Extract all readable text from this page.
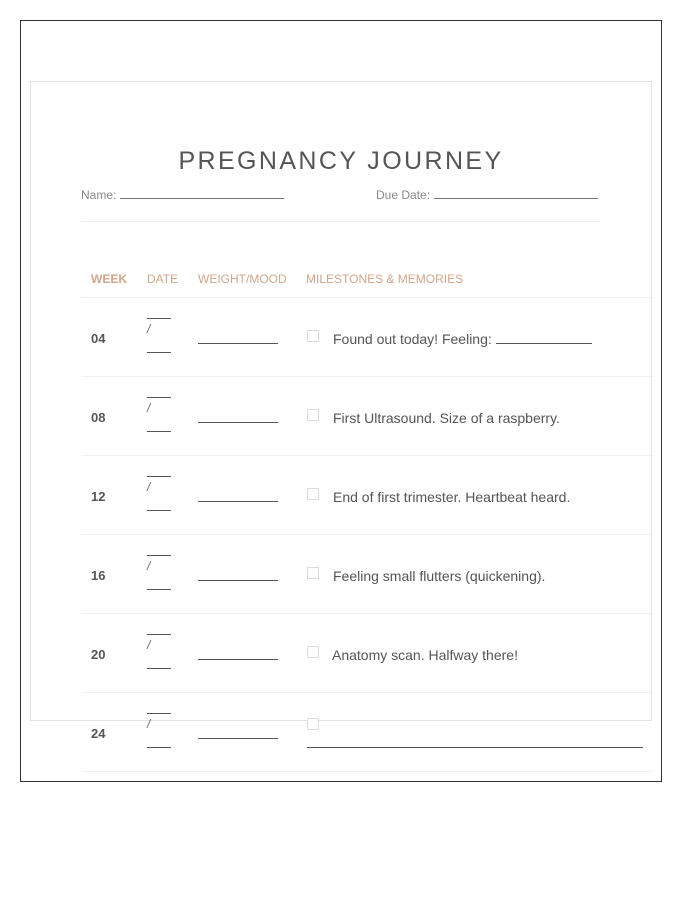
PREGNANCY JOURNEY
Name:	Due Date:
WEEK DATE WEIGHT/MOOD MILESTONES & MEMORIES
04
/
Found out today! Feeling:
08
/
First Ultrasound. Size of a raspberry.
12
/
End of first trimester. Heartbeat heard.
16
/
Feeling small flutters (quickening).
20
/
Anatomy scan. Halfway there!
24
/
